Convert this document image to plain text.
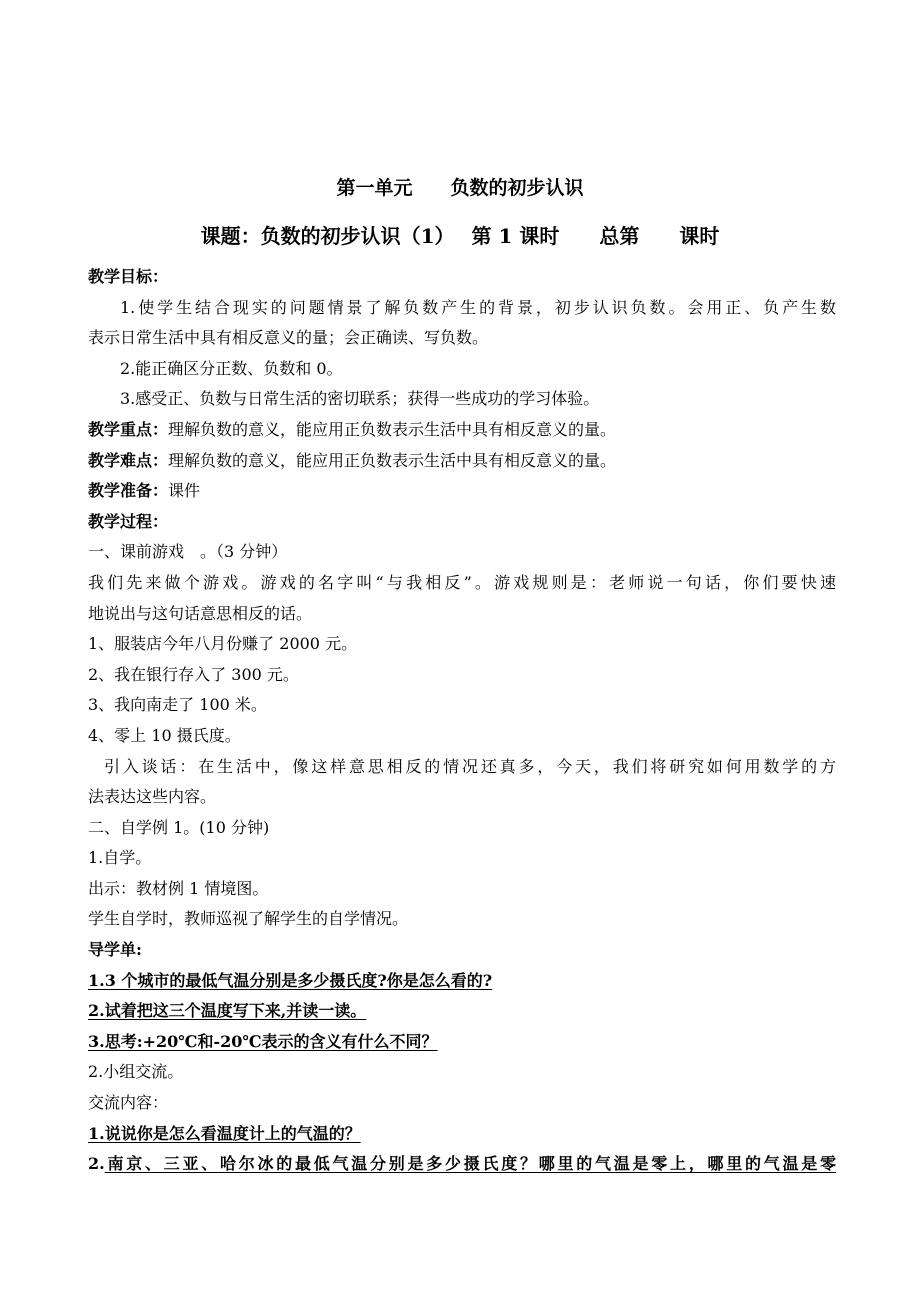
第一单元　　负数的初步认识
课题：负数的初步认识（1）　 第 1 课时　　总第　　课时
教学目标：
1.使学生结合现实的问题情景了解负数产生的背景，初步认识负数。会用正、负产生数
表示日常生活中具有相反意义的量；会正确读、写负数。
2.能正确区分正数、负数和 0。
3.感受正、负数与日常生活的密切联系；获得一些成功的学习体验。
教学重点：理解负数的意义，能应用正负数表示生活中具有相反意义的量。
教学难点：理解负数的意义，能应用正负数表示生活中具有相反意义的量。
教学准备：课件
教学过程：
一、课前游戏　。（3 分钟）
我们先来做个游戏。游戏的名字叫“与我相反”。游戏规则是：老师说一句话，你们要快速
地说出与这句话意思相反的话。
1、服装店今年八月份赚了 2000 元。
2、我在银行存入了 300 元。
3、我向南走了 100 米。
4、零上 10 摄氏度。
引入谈话：在生活中，像这样意思相反的情况还真多，今天，我们将研究如何用数学的方
法表达这些内容。
二、自学例 1。(10 分钟)
1.自学。
出示：教材例 1 情境图。
学生自学时，教师巡视了解学生的自学情况。
导学单:
1.3 个城市的最低气温分别是多少摄氏度?你是怎么看的?
2.试着把这三个温度写下来,并读一读。
3.思考:+20℃和-20℃表示的含义有什么不同？
2.小组交流。
交流内容：
1.说说你是怎么看温度计上的气温的？
2.南京、三亚、哈尔冰的最低气温分别是多少摄氏度？哪里的气温是零上，哪里的气温是零
